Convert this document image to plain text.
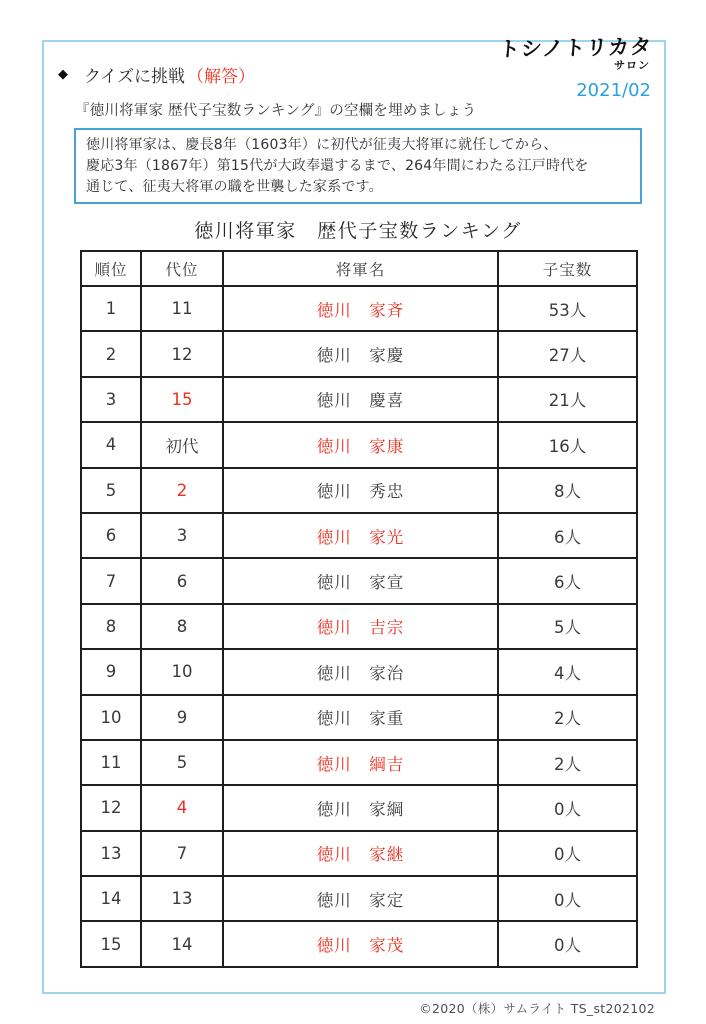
トシノトリカタ
サロン
2021/02
◆ クイズに挑戦 （解答）
『徳川将軍家 歴代子宝数ランキング』の空欄を埋めましょう
徳川将軍家は、慶長8年（1603年）に初代が征夷大将軍に就任してから、
慶応3年（1867年）第15代が大政奉還するまで、264年間にわたる江戸時代を
通じて、征夷大将軍の職を世襲した家系です。
徳川将軍家　歴代子宝数ランキング
順位	代位	将軍名	子宝数
1	11	徳川　家斉	53人
2	12	徳川　家慶	27人
3	15	徳川　慶喜	21人
4	初代	徳川　家康	16人
5	2	徳川　秀忠	8人
6	3	徳川　家光	6人
7	6	徳川　家宣	6人
8	8	徳川　吉宗	5人
9	10	徳川　家治	4人
10	9	徳川　家重	2人
11	5	徳川　綱吉	2人
12	4	徳川　家綱	0人
13	7	徳川　家継	0人
14	13	徳川　家定	0人
15	14	徳川　家茂	0人
©2020（株）サムライト TS_st202102
